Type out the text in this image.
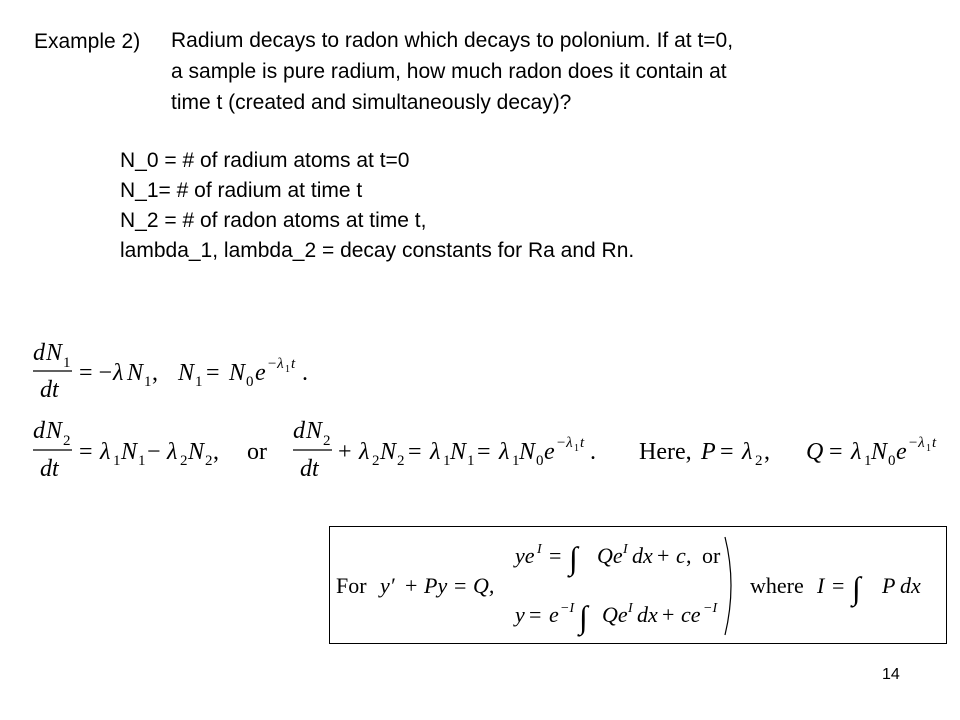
Example 2) Radium decays to radon which decays to polonium. If at t=0,
a sample is pure radium, how much radon does it contain at
time t (created and simultaneously decay)?
N_0 = # of radium atoms at t=0
N_1= # of radium at time t
N_2 = # of radon atoms at time t,
lambda_1, lambda_2 = decay constants for Ra and Rn.
d N 1
dt
= − λ N 1 , N 1 = N 0 e −λ 1 t .
d N 2
dt
= λ 1 N 1 − λ 2 N 2 , or
d N 2
dt
+ λ 2 N 2 = λ 1 N 1 = λ 1 N 0 e −λ 1 t . Here, P = λ 2 , Q = λ 1 N 0 e −λ 1 t
For y′ + Py = Q,
ye I = ∫ Qe I dx + c , or
y = e −I ∫ Qe I dx + ce −I
where I = ∫ P dx
14
